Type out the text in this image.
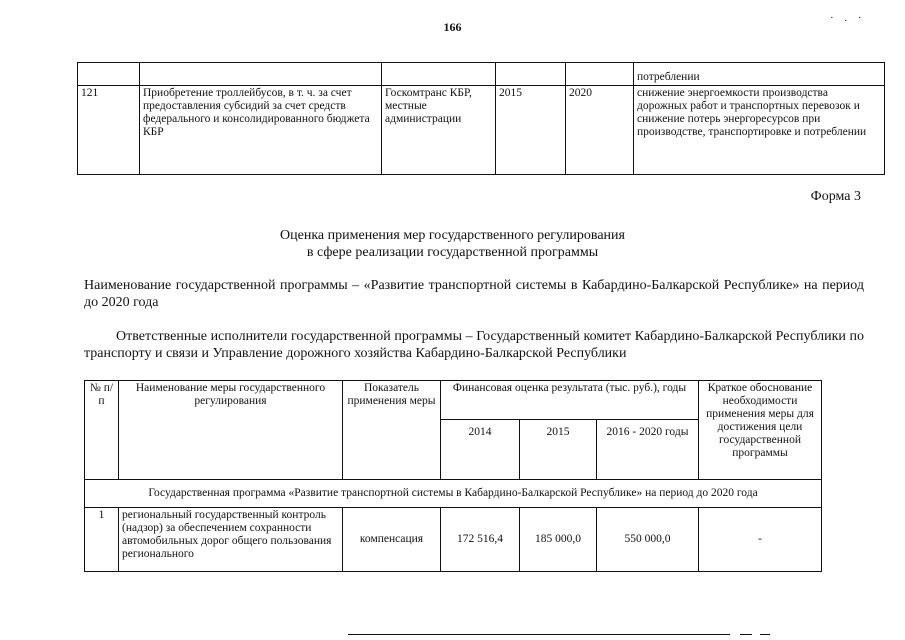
166
· . ·
					потреблении
121	Приобретение троллейбусов, в т. ч. за счет предоставления субсидий за счет средств федерального и консолидированного бюджета КБР	Госкомтранс КБР, местные администрации	2015	2020	снижение энергоемкости производства дорожных работ и транспортных перевозок и снижение потерь энергоресурсов при производстве, транспортировке и потреблении
Форма 3
Оценка применения мер государственного регулирования
в сфере реализации государственной программы
Наименование государственной программы – «Развитие транспортной системы в Кабардино-Балкарской Республике» на период до 2020 года
Ответственные исполнители государственной программы – Государственный комитет Кабардино-Балкарской Республики по транспорту и связи и Управление дорожного хозяйства Кабардино-Балкарской Республики
№ п/п	Наименование меры государственного регулирования	Показатель применения меры	Финансовая оценка результата (тыс. руб.), годы			Краткое обоснование необходимости применения меры для достижения цели государственной программы
			2014	2015	2016 - 2020 годы	
Государственная программа «Развитие транспортной системы в Кабардино-Балкарской Республике» на период до 2020 года						
1	региональный государственный контроль (надзор) за обеспечением сохранности автомобильных дорог общего пользования регионального	компенсация	172 516,4	185 000,0	550 000,0	-
